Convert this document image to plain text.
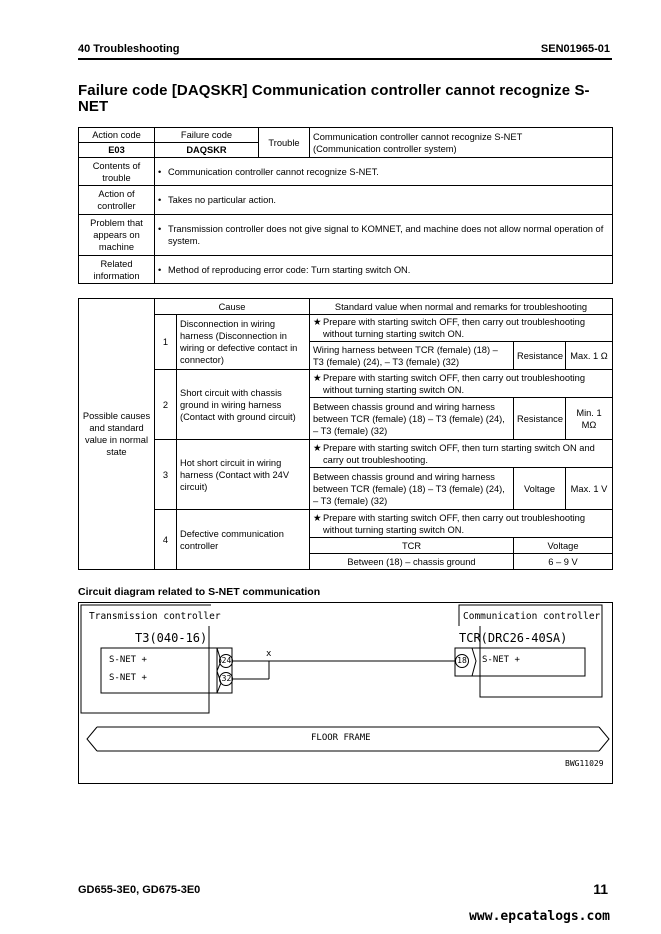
40 Troubleshooting	SEN01965-01
Failure code [DAQSKR] Communication controller cannot recognize S-NET
Action code	Failure code	Trouble	Communication controller cannot recognize S-NET
(Communication controller system)

E03	DAQSKR		
Contents of trouble	• Communication controller cannot recognize S-NET.		

Action of controller	• Takes no particular action.		

Problem that appears on machine	• Transmission controller does not give signal to KOMNET, and machine does not allow normal operation of system.		

Related information	• Method of reproducing error code: Turn starting switch ON.		
Possible causes and standard value in normal state	Cause		Standard value when normal and remarks for troubleshooting		
	1	Disconnection in wiring harness (Disconnection in wiring or defective contact in connector)	★ Prepare with starting switch OFF, then carry out troubleshooting without turning starting switch ON.		

			Wiring harness between TCR (female) (18) – T3 (female) (24), – T3 (female) (32)	Resistance	Max. 1 Ω
	2	Short circuit with chassis ground in wiring harness (Contact with ground circuit)	★ Prepare with starting switch OFF, then carry out troubleshooting without turning starting switch ON.		

			Between chassis ground and wiring harness between TCR (female) (18) – T3 (female) (24), – T3 (female) (32)	Resistance	Min. 1 MΩ
	3	Hot short circuit in wiring harness (Contact with 24V circuit)	★ Prepare with starting switch OFF, then turn starting switch ON and carry out troubleshooting.		

			Between chassis ground and wiring harness between TCR (female) (18) – T3 (female) (24), – T3 (female) (32)	Voltage	Max. 1 V
	4	Defective communication controller	★ Prepare with starting switch OFF, then carry out troubleshooting without turning starting switch ON.		

			TCR	Voltage	
			Between (18) – chassis ground	6 – 9 V	
Circuit diagram related to S-NET communication
Transmission controller
T3(040-16)
S-NET +
S-NET +
24
32
x
Communication controller
TCR(DRC26-40SA)
18 S-NET +
FLOOR FRAME
BWG11029
GD655-3E0, GD675-3E0	11
www.epcatalogs.com
